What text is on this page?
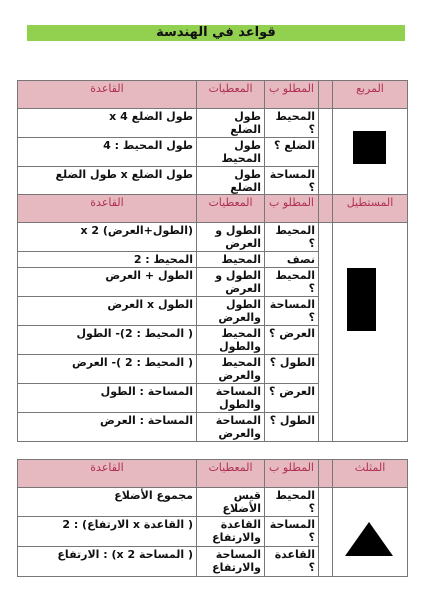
قواعد في الهندسة
المربع		المطلو ب	المعطيات	القاعدة

		المحيط ؟	طول الضلع	طول الضلع 4 x
		الضلع ؟	طول المحيط	طول المحيط : 4
		المساحة ؟	طول الضلع	طول الضلع x طول الضلع
المستطيل		المطلو ب	المعطيات	القاعدة

		المحيط ؟	الطول و العرض	(الطول+العرض) x 2
		نصف	المحيط	المحيط : 2
		المحيط ؟	الطول و العرض	الطول + العرض
		المساحة ؟	الطول والعرض	الطول x العرض
		العرض ؟	المحيط والطول	( المحيط : 2)- الطول
		الطول ؟	المحيط والعرض	( المحيط : 2 )- العرض
		العرض ؟	المساحة والطول	المساحة : الطول
		الطول ؟	المساحة والعرض	المساحة : العرض
المثلث		المطلو ب	المعطيات	القاعدة

		المحيط ؟	قيس الأضلاع	مجموع الأضلاع
		المساحة ؟	القاعدة والارتفاع	( القاعدة x الارتفاع) : 2
		القاعدة ؟	المساحة والارتفاع	( المساحة 2 x) : الارتفاع
